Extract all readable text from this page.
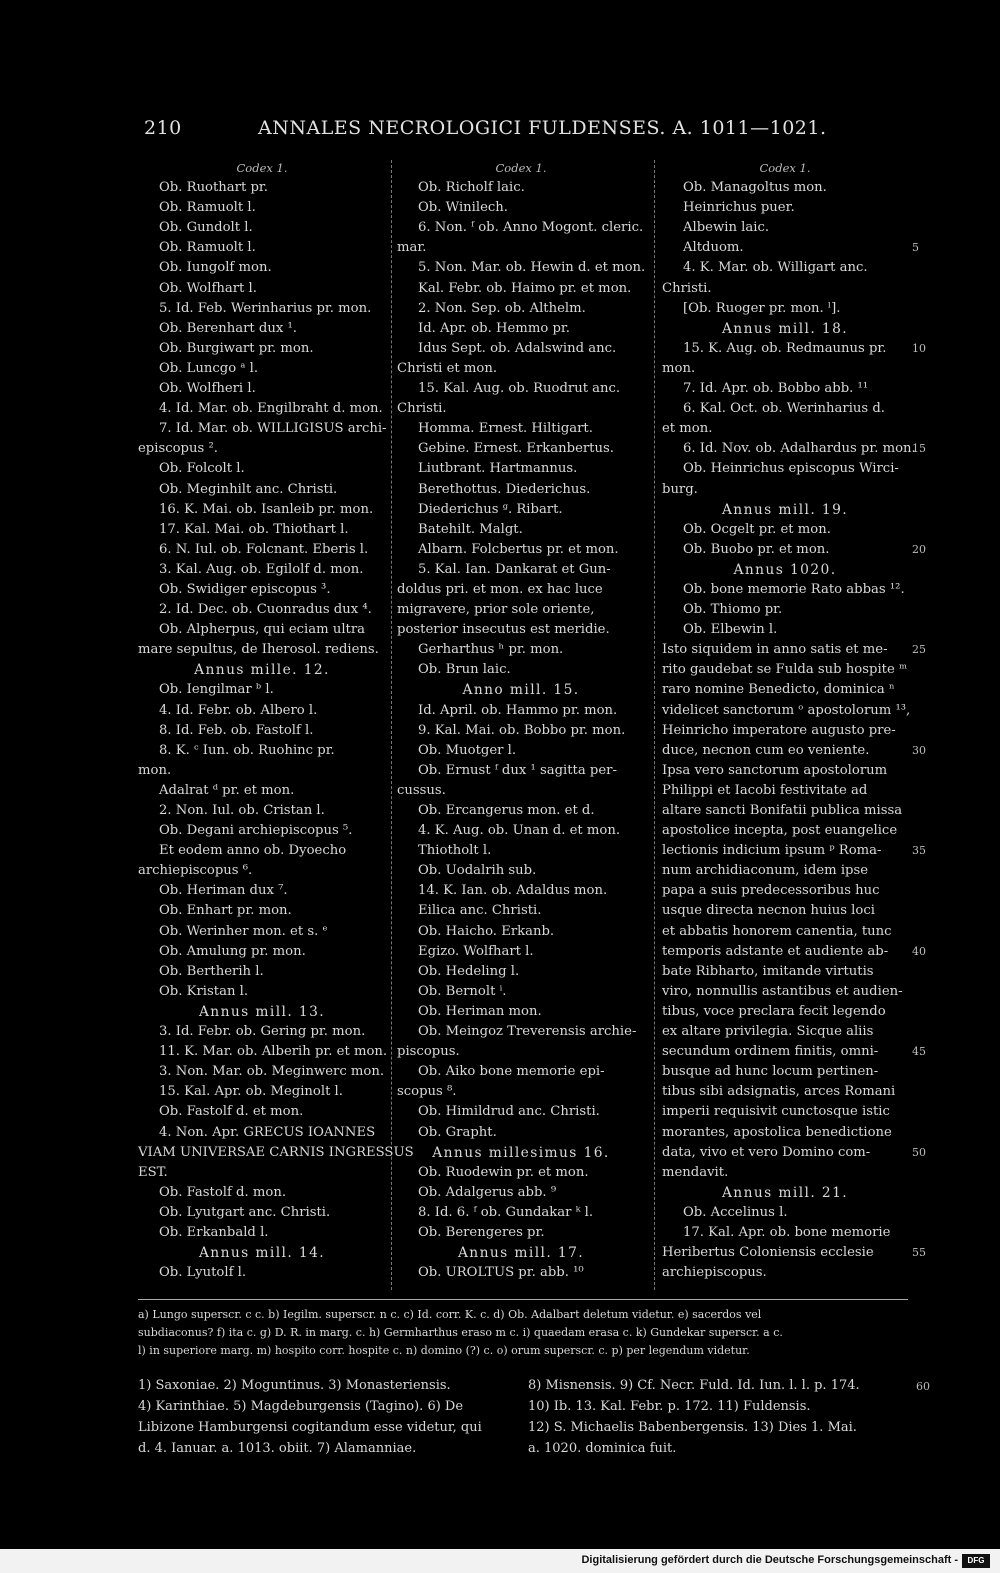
210	ANNALES NECROLOGICI FULDENSES. A. 1011—1021.
Codex 1.
Ob. Ruothart pr.
Ob. Ramuolt l.
Ob. Gundolt l.
Ob. Ramuolt l.
Ob. Iungolf mon.
Ob. Wolfhart l.
5. Id. Feb. Werinharius pr. mon.
Ob. Berenhart dux ¹.
Ob. Burgiwart pr. mon.
Ob. Luncgo ᵃ l.
Ob. Wolfheri l.
4. Id. Mar. ob. Engilbraht d. mon.
7. Id. Mar. ob. WILLIGISUS archi-
episcopus ².
Ob. Folcolt l.
Ob. Meginhilt anc. Christi.
16. K. Mai. ob. Isanleib pr. mon.
17. Kal. Mai. ob. Thiothart l.
6. N. Iul. ob. Folcnant. Eberis l.
3. Kal. Aug. ob. Egilolf d. mon.
Ob. Swidiger episcopus ³.
2. Id. Dec. ob. Cuonradus dux ⁴.
Ob. Alpherpus, qui eciam ultra
mare sepultus, de Iherosol. rediens.
Annus mille. 12.
Ob. Iengilmar ᵇ l.
4. Id. Febr. ob. Albero l.
8. Id. Feb. ob. Fastolf l.
8. K. ᶜ Iun. ob. Ruohinc pr.
mon.
Adalrat ᵈ pr. et mon.
2. Non. Iul. ob. Cristan l.
Ob. Degani archiepiscopus ⁵.
Et eodem anno ob. Dyoecho
archiepiscopus ⁶.
Ob. Heriman dux ⁷.
Ob. Enhart pr. mon.
Ob. Werinher mon. et s. ᵉ
Ob. Amulung pr. mon.
Ob. Bertherih l.
Ob. Kristan l.
Annus mill. 13.
3. Id. Febr. ob. Gering pr. mon.
11. K. Mar. ob. Alberih pr. et mon.
3. Non. Mar. ob. Meginwerc mon.
15. Kal. Apr. ob. Meginolt l.
Ob. Fastolf d. et mon.
4. Non. Apr. GRECUS IOANNES
VIAM UNIVERSAE CARNIS INGRESSUS
EST.
Ob. Fastolf d. mon.
Ob. Lyutgart anc. Christi.
Ob. Erkanbald l.
Annus mill. 14.
Ob. Lyutolf l.
Codex 1.
Ob. Richolf laic.
Ob. Winilech.
6. Non. ᶠ ob. Anno Mogont. cleric.
mar.
5. Non. Mar. ob. Hewin d. et mon.
Kal. Febr. ob. Haimo pr. et mon.
2. Non. Sep. ob. Althelm.
Id. Apr. ob. Hemmo pr.
Idus Sept. ob. Adalswind anc.
Christi et mon.
15. Kal. Aug. ob. Ruodrut anc.
Christi.
Homma. Ernest. Hiltigart.
Gebine. Ernest. Erkanbertus.
Liutbrant. Hartmannus.
Berethottus. Diederichus.
Diederichus ᵍ. Ribart.
Batehilt. Malgt.
Albarn. Folcbertus pr. et mon.
5. Kal. Ian. Dankarat et Gun-
doldus pri. et mon. ex hac luce
migravere, prior sole oriente,
posterior insecutus est meridie.
Gerharthus ʰ pr. mon.
Ob. Brun laic.
Anno mill. 15.
Id. April. ob. Hammo pr. mon.
9. Kal. Mai. ob. Bobbo pr. mon.
Ob. Muotger l.
Ob. Ernust ᶠ dux ¹ sagitta per-
cussus.
Ob. Ercangerus mon. et d.
4. K. Aug. ob. Unan d. et mon.
Thiotholt l.
Ob. Uodalrih sub.
14. K. Ian. ob. Adaldus mon.
Eilica anc. Christi.
Ob. Haicho. Erkanb.
Egizo. Wolfhart l.
Ob. Hedeling l.
Ob. Bernolt ⁱ.
Ob. Heriman mon.
Ob. Meingoz Treverensis archie-
piscopus.
Ob. Aiko bone memorie epi-
scopus ⁸.
Ob. Himildrud anc. Christi.
Ob. Grapht.
Annus millesimus 16.
Ob. Ruodewin pr. et mon.
Ob. Adalgerus abb. ⁹
8. Id. 6. ᶠ ob. Gundakar ᵏ l.
Ob. Berengeres pr.
Annus mill. 17.
Ob. UROLTUS pr. abb. ¹⁰
Codex 1.
Ob. Managoltus mon.
Heinrichus puer.
Albewin laic.
Altduom.	5
4. K. Mar. ob. Willigart anc.
Christi.
[Ob. Ruoger pr. mon. ˡ].
Annus mill. 18.
15. K. Aug. ob. Redmaunus pr. 10
mon.
7. Id. Apr. ob. Bobbo abb. ¹¹
6. Kal. Oct. ob. Werinharius d.
et mon.
6. Id. Nov. ob. Adalhardus pr. mon.
15
Ob. Heinrichus episcopus Wirci-
burg.
Annus mill. 19.
Ob. Ocgelt pr. et mon.
Ob. Buobo pr. et mon.	20
Annus 1020.
Ob. bone memorie Rato abbas ¹².
Ob. Thiomo pr.
Ob. Elbewin l.
Isto siquidem in anno satis et me- 25
rito gaudebat se Fulda sub hospite ᵐ
raro nomine Benedicto, dominica ⁿ
videlicet sanctorum ᵒ apostolorum ¹³,
Heinricho imperatore augusto pre-
duce, necnon cum eo veniente.	30
Ipsa vero sanctorum apostolorum
Philippi et Iacobi festivitate ad
altare sancti Bonifatii publica missa
apostolice incepta, post euangelice
lectionis indicium ipsum ᵖ Roma-	35
num archidiaconum, idem ipse
papa a suis predecessoribus huc
usque directa necnon huius loci
et abbatis honorem canentia, tunc
temporis adstante et audiente ab- 40
bate Ribharto, imitande virtutis
viro, nonnullis astantibus et audien-
tibus, voce preclara fecit legendo
ex altare privilegia. Sicque aliis
secundum ordinem finitis, omni-	45
busque ad hunc locum pertinen-
tibus sibi adsignatis, arces Romani
imperii requisivit cunctosque istic
morantes, apostolica benedictione
data, vivo et vero Domino com-	50
mendavit.
Annus mill. 21.
Ob. Accelinus l.
17. Kal. Apr. ob. bone memorie
Heribertus Coloniensis ecclesie	55
archiepiscopus.
a) Lungo superscr. c c. b) Iegilm. superscr. n c. c) Id. corr. K. c. d) Ob. Adalbart deletum videtur. e) sacerdos vel
subdiaconus? f) ita c. g) D. R. in marg. c. h) Germharthus eraso m c. i) quaedam erasa c. k) Gundekar superscr. a c.
l) in superiore marg. m) hospito corr. hospite c. n) domino (?) c. o) orum superscr. c. p) per legendum videtur.
1) Saxoniae. 2) Moguntinus. 3) Monasteriensis.
4) Karinthiae. 5) Magdeburgensis (Tagino). 6) De
Libizone Hamburgensi cogitandum esse videtur, qui
d. 4. Ianuar. a. 1013. obiit. 7) Alamanniae.
8) Misnensis. 9) Cf. Necr. Fuld. Id. Iun. l. l. p. 174.
10) Ib. 13. Kal. Febr. p. 172. 11) Fuldensis.
12) S. Michaelis Babenbergensis. 13) Dies 1. Mai.
a. 1020. dominica fuit.
60
Digitalisierung gefördert durch die Deutsche Forschungsgemeinschaft -	DFG
